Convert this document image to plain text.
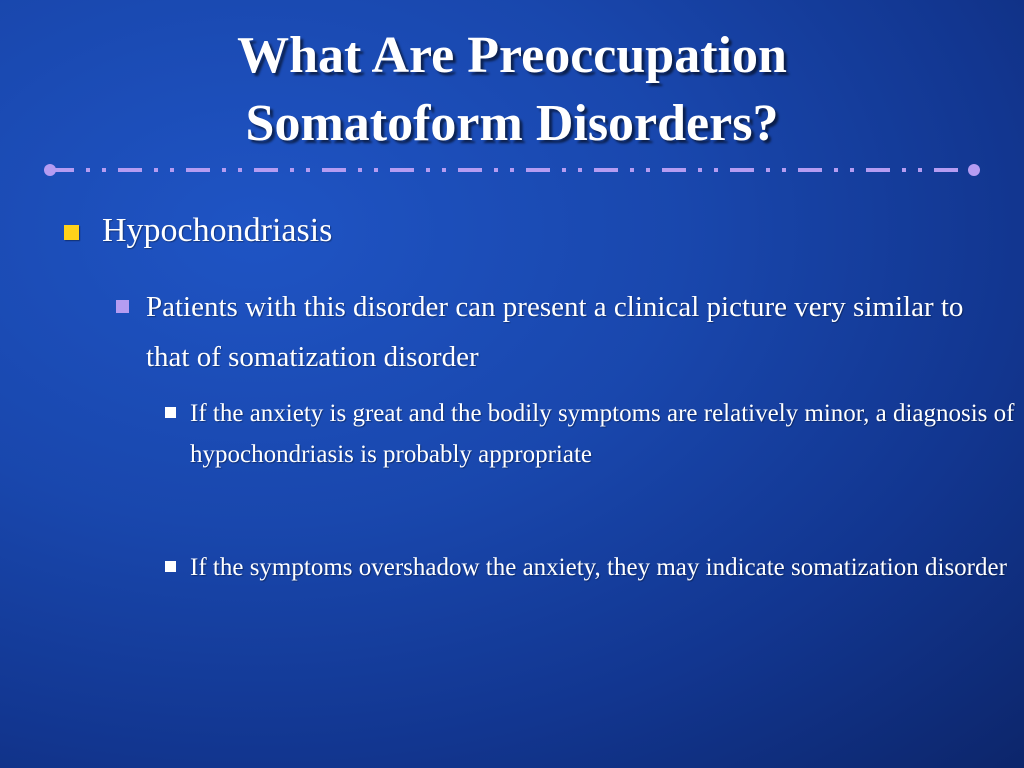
What Are Preoccupation
Somatoform Disorders?
Hypochondriasis
Patients with this disorder can present a clinical picture very similar to that of somatization disorder
If the anxiety is great and the bodily symptoms are relatively minor, a diagnosis of hypochondriasis is probably appropriate
If the symptoms overshadow the anxiety, they may indicate somatization disorder
